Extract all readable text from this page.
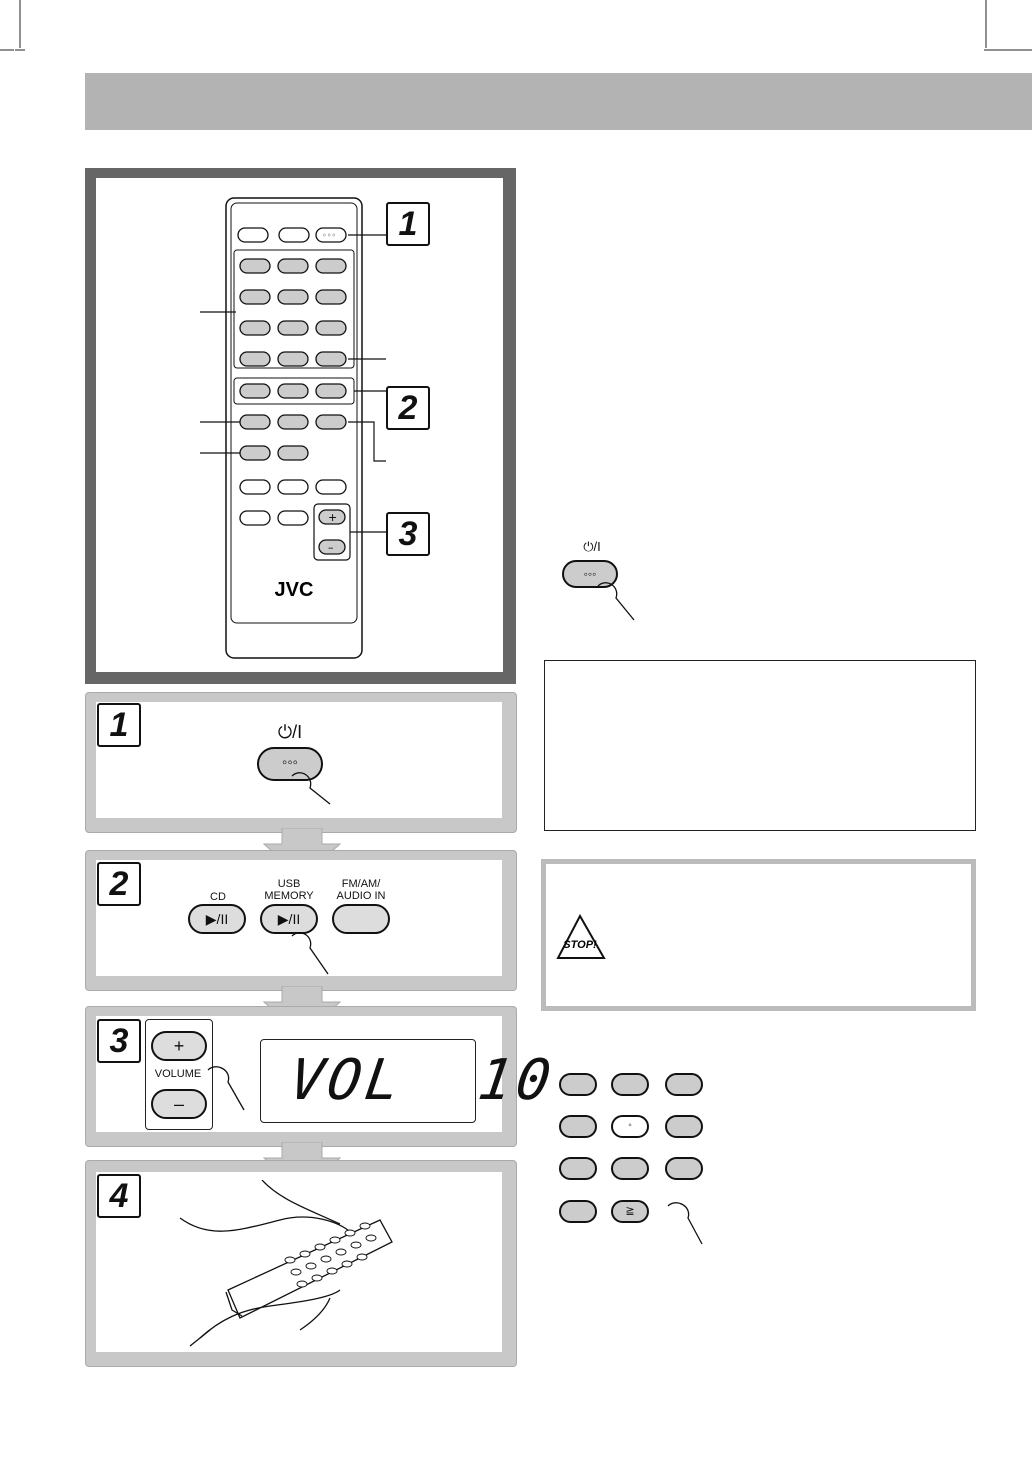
◦◦◦
+
–
JVC
1
2
3
1	⏻/I
◦◦◦
2	CD
USB
MEMORY
FM/AM/
AUDIO IN
▶/II	▶/II
3	+
VOLUME
–	VOL  10
4
⏻/I
◦◦◦
STOP!
◦
≧
